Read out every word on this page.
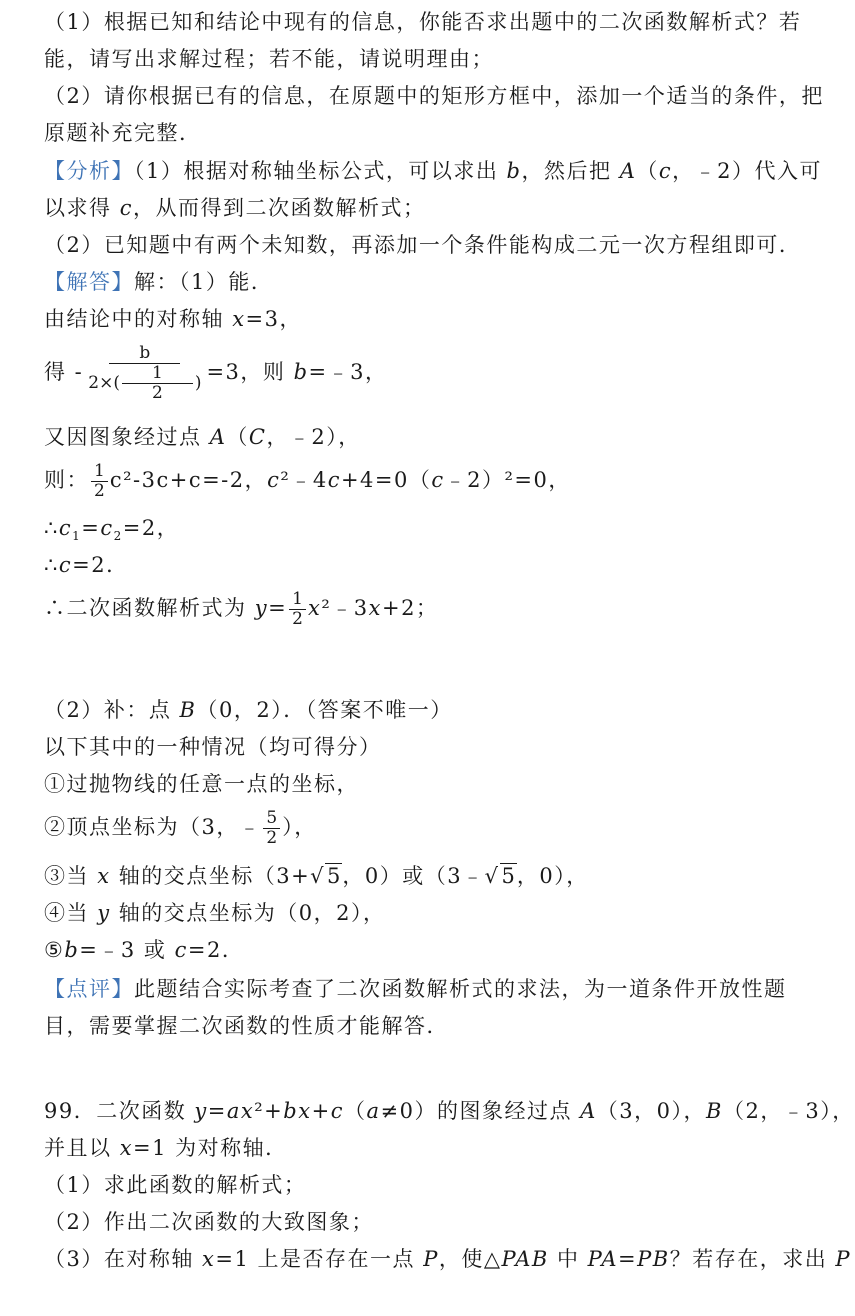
（1）根据已知和结论中现有的信息，你能否求出题中的二次函数解析式？若
能，请写出求解过程；若不能，请说明理由；
（2）请你根据已有的信息，在原题中的矩形方框中，添加一个适当的条件，把
原题补充完整．
【分析】（1）根据对称轴坐标公式，可以求出 b，然后把 A（c，﹣2）代入可
以求得 c，从而得到二次函数解析式；
（2）已知题中有两个未知数，再添加一个条件能构成二元一次方程组即可．
【解答】解：（1）能．
由结论中的对称轴 x=3，
得 - $\frac{b}{2\times( \frac{1}{2} )} =3$，则 b=﹣3，
又因图象经过点 A（C，﹣2），
则： $\frac{1}{2} c^2-3c+c=-2$，c²﹣4c+4=0（c﹣2）²=0，
$\therefore c_1=c_2=2$，
∴c=2．
∴二次函数解析式为 $y= \frac{1}{2}$ x²﹣3x+2；
（2）补：点 B（0，2）．（答案不唯一）
以下其中的一种情况（均可得分）
①过抛物线的任意一点的坐标，
②顶点坐标为（3，﹣ $\frac{5}{2}$ ），
③当 x 轴的交点坐标（3+√5，0）或（3﹣√5，0），
④当 y 轴的交点坐标为（0，2），
⑤b=﹣3 或 c=2．
【点评】此题结合实际考查了二次函数解析式的求法，为一道条件开放性题
目，需要掌握二次函数的性质才能解答．
99．二次函数 y=ax²+bx+c（a≠0）的图象经过点 A（3，0），B（2，﹣3），
并且以 x=1 为对称轴．
（1）求此函数的解析式；
（2）作出二次函数的大致图象；
（3）在对称轴 x=1 上是否存在一点 P，使△PAB 中 PA=PB？若存在，求出 P
